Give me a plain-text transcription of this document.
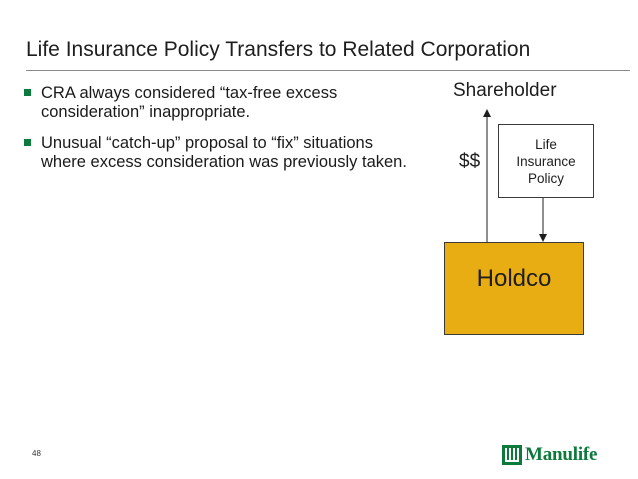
Life Insurance Policy Transfers to Related Corporation
CRA always considered “tax-free excess consideration” inappropriate.
Unusual “catch-up” proposal to “fix” situations where excess consideration was previously taken.
Shareholder
Life
Insurance
Policy
$$
Holdco
48	Manulife
